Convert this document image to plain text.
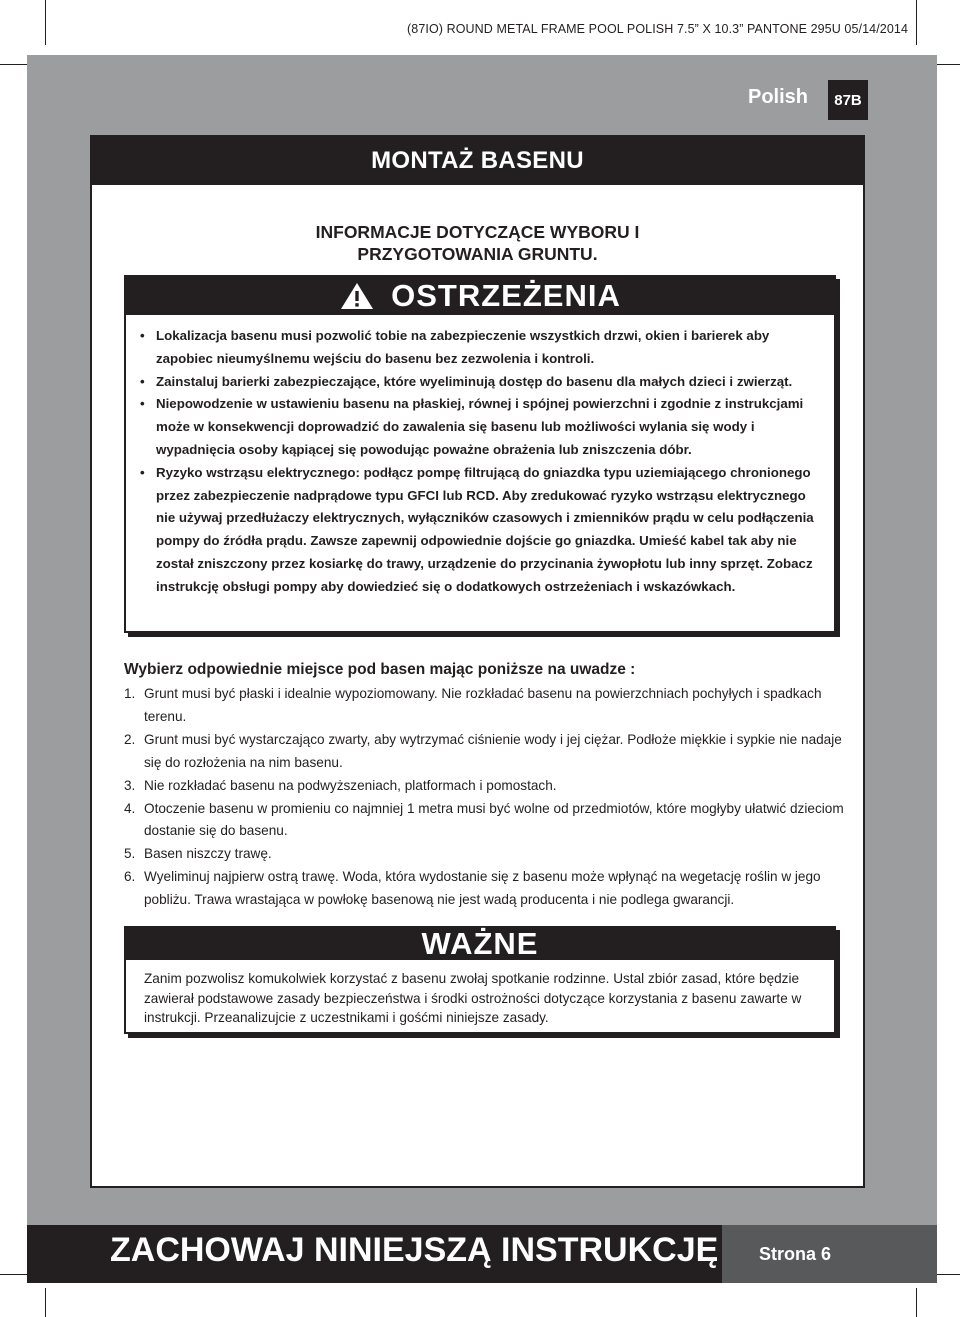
(87IO) ROUND METAL FRAME POOL POLISH 7.5” X 10.3” PANTONE 295U 05/14/2014
Polish	87B
MONTAŻ BASENU
INFORMACJE DOTYCZĄCE WYBORU I
PRZYGOTOWANIA GRUNTU.
OSTRZEŻENIA
• Lokalizacja basenu musi pozwolić tobie na zabezpieczenie wszystkich drzwi, okien i barierek aby zapobiec nieumyślnemu wejściu do basenu bez zezwolenia i kontroli.
• Zainstaluj barierki zabezpieczające, które wyeliminują dostęp do basenu dla małych dzieci i zwierząt.
• Niepowodzenie w ustawieniu basenu na płaskiej, równej i spójnej powierzchni i zgodnie z instrukcjami może w konsekwencji doprowadzić do zawalenia się basenu lub możliwości wylania się wody i wypadnięcia osoby kąpiącej się powodując poważne obrażenia lub zniszczenia dóbr.
• Ryzyko wstrząsu elektrycznego: podłącz pompę filtrującą do gniazdka typu uziemiającego chronionego przez zabezpieczenie nadprądowe typu GFCI lub RCD. Aby zredukować ryzyko wstrząsu elektrycznego nie używaj przedłużaczy elektrycznych, wyłączników czasowych i zmienników prądu w celu podłączenia pompy do źródła prądu. Zawsze zapewnij odpowiednie dojście go gniazdka. Umieść kabel tak aby nie został zniszczony przez kosiarkę do trawy, urządzenie do przycinania żywopłotu lub inny sprzęt. Zobacz instrukcję obsługi pompy aby dowiedzieć się o dodatkowych ostrzeżeniach i wskazówkach.
Wybierz odpowiednie miejsce pod basen mając poniższe na uwadze :
1. Grunt musi być płaski i idealnie wypoziomowany. Nie rozkładać basenu na powierzchniach pochyłych i spadkach terenu.
2. Grunt musi być wystarczająco zwarty, aby wytrzymać ciśnienie wody i jej ciężar. Podłoże miękkie i sypkie nie nadaje się do rozłożenia na nim basenu.
3. Nie rozkładać basenu na podwyższeniach, platformach i pomostach.
4. Otoczenie basenu w promieniu co najmniej 1 metra musi być wolne od przedmiotów, które mogłyby ułatwić dzieciom dostanie się do basenu.
5. Basen niszczy trawę.
6. Wyeliminuj najpierw ostrą trawę. Woda, która wydostanie się z basenu może wpłynąć na wegetację roślin w jego pobliżu. Trawa wrastająca w powłokę basenową nie jest wadą producenta i nie podlega gwarancji.
WAŻNE
Zanim pozwolisz komukolwiek korzystać z basenu zwołaj spotkanie rodzinne. Ustal zbiór zasad, które będzie zawierał podstawowe zasady bezpieczeństwa i środki ostrożności dotyczące korzystania z basenu zawarte w instrukcji. Przeanalizujcie z uczestnikami i gośćmi niniejsze zasady.
ZACHOWAJ NINIEJSZĄ INSTRUKCJĘ	Strona 6
